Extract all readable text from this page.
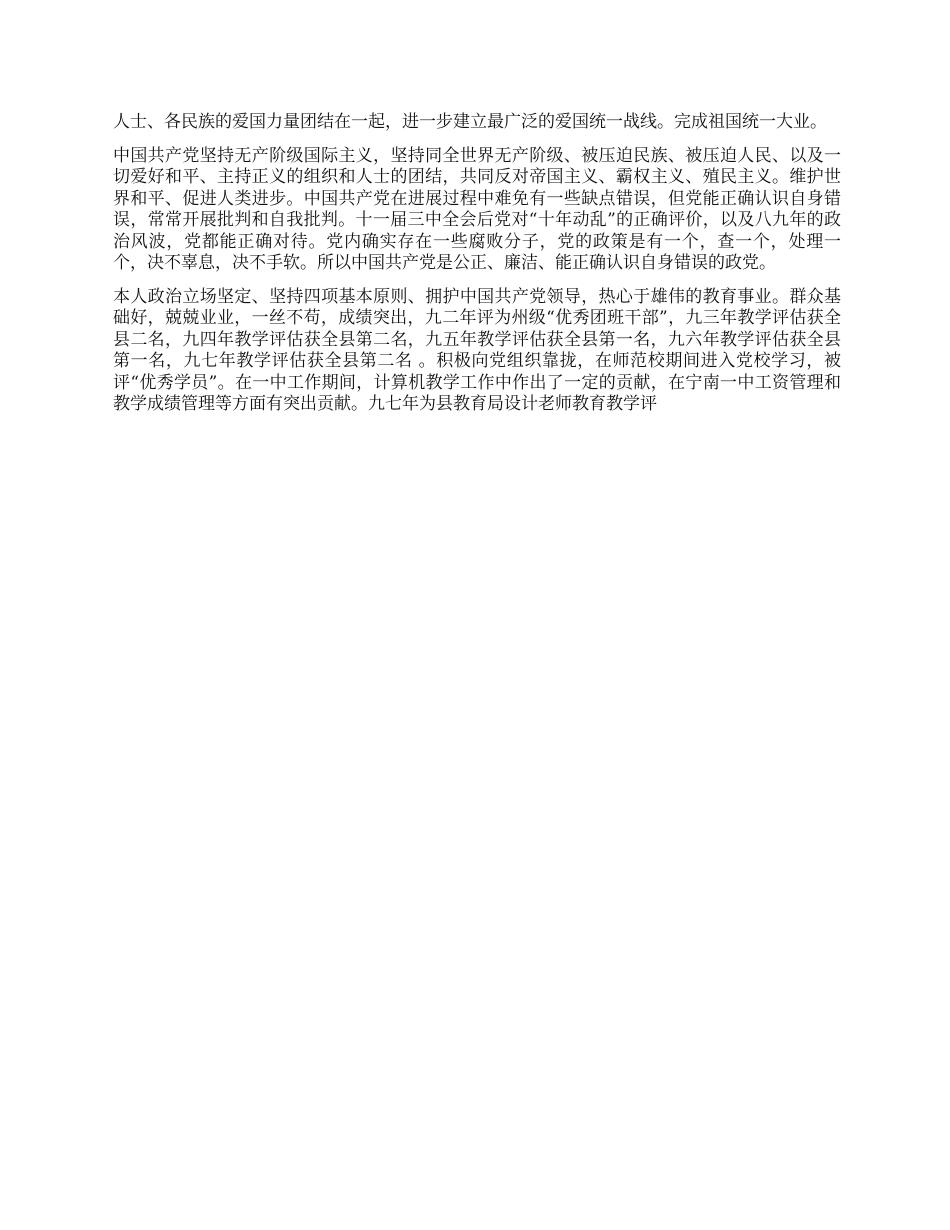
人士、各民族的爱国力量团结在一起，进一步建立最广泛的爱国统一战线。完成祖国统一大业。

中国共产党坚持无产阶级国际主义，坚持同全世界无产阶级、被压迫民族、被压迫人民、以及一切爱好和平、主持正义的组织和人士的团结，共同反对帝国主义、霸权主义、殖民主义。维护世界和平、促进人类进步。中国共产党在进展过程中难免有一些缺点错误，但党能正确认识自身错误，常常开展批判和自我批判。十一届三中全会后党对“十年动乱”的正确评价，以及八九年的政治风波，党都能正确对待。党内确实存在一些腐败分子，党的政策是有一个，查一个，处理一个，决不辜息，决不手软。所以中国共产党是公正、廉洁、能正确认识自身错误的政党。

本人政治立场坚定、坚持四项基本原则、拥护中国共产党领导，热心于雄伟的教育事业。群众基础好，兢兢业业，一丝不苟，成绩突出，九二年评为州级“优秀团班干部”，九三年教学评估获全县二名，九四年教学评估获全县第二名，九五年教学评估获全县第一名，九六年教学评估获全县第一名，九七年教学评估获全县第二名 。积极向党组织靠拢，在师范校期间进入党校学习，被评“优秀学员”。在一中工作期间，计算机教学工作中作出了一定的贡献，在宁南一中工资管理和教学成绩管理等方面有突出贡献。九七年为县教育局设计老师教育教学评
